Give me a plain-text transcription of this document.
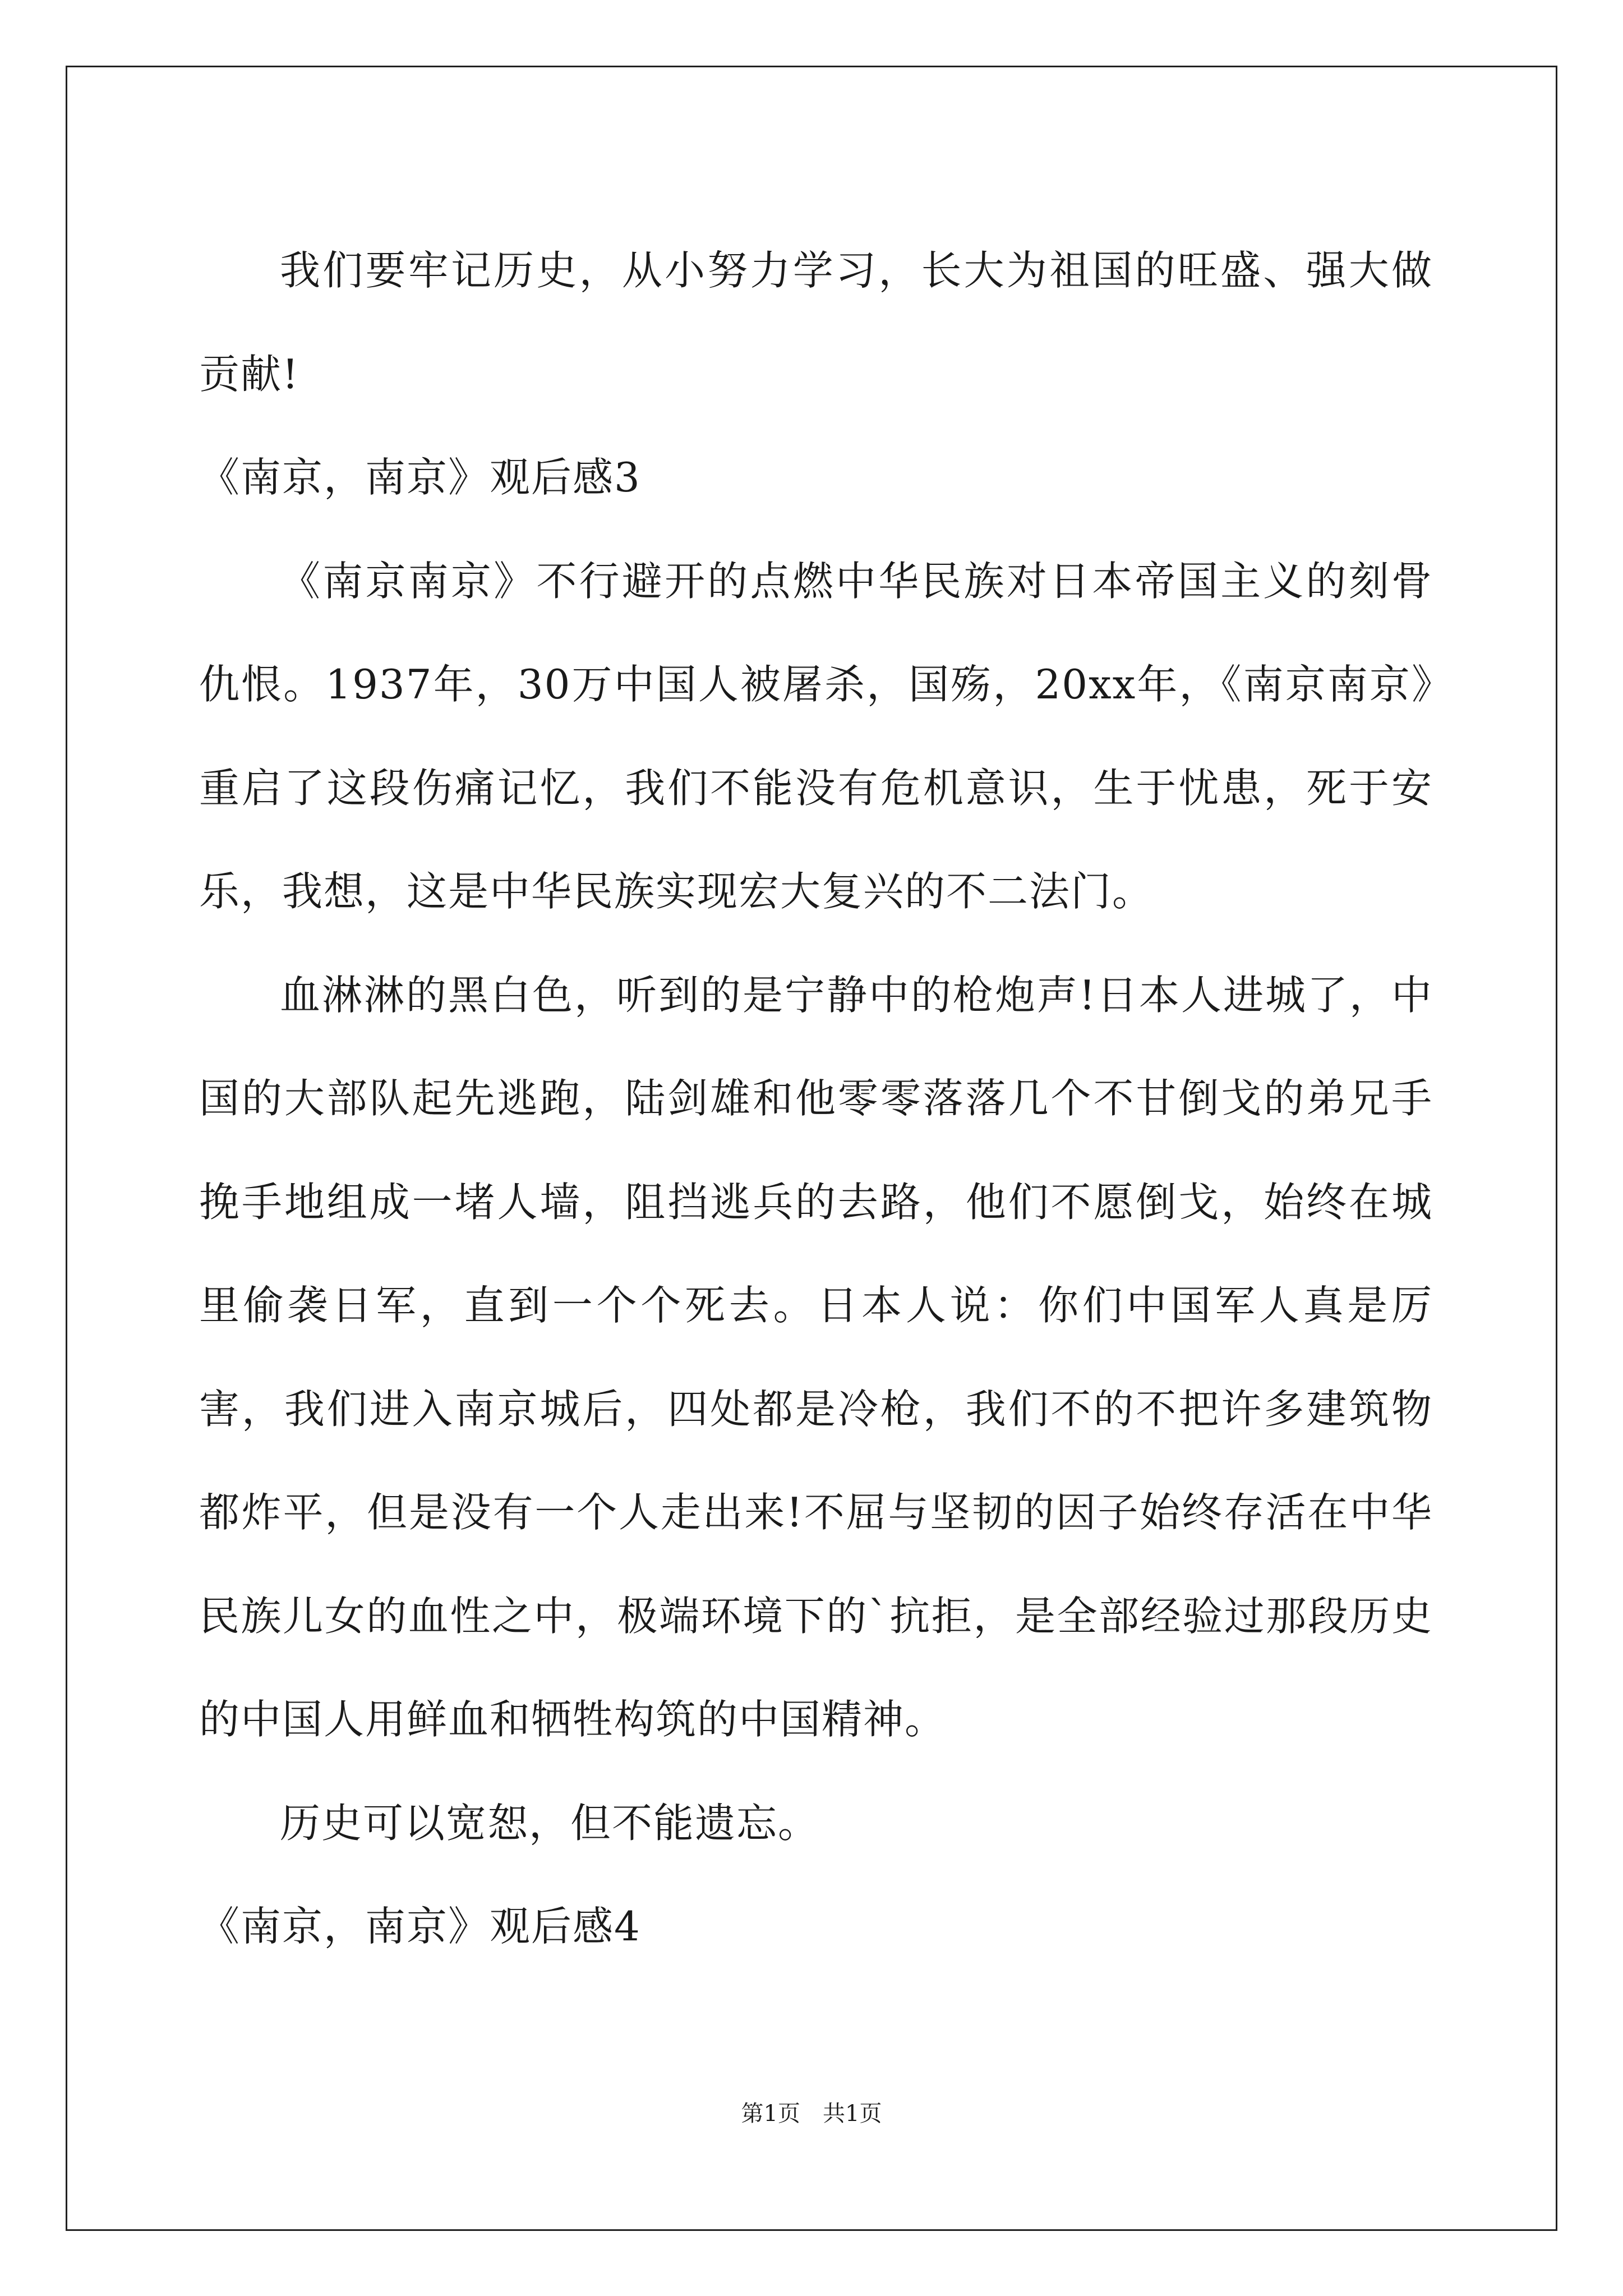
我们要牢记历史，从小努力学习，长大为祖国的旺盛、强大做贡献!

《南京，南京》观后感3

《南京南京》不行避开的点燃中华民族对日本帝国主义的刻骨仇恨。1937年，30万中国人被屠杀，国殇，20xx年，《南京南京》重启了这段伤痛记忆，我们不能没有危机意识，生于忧患，死于安乐，我想，这是中华民族实现宏大复兴的不二法门。

血淋淋的黑白色，听到的是宁静中的枪炮声!日本人进城了，中国的大部队起先逃跑，陆剑雄和他零零落落几个不甘倒戈的弟兄手挽手地组成一堵人墙，阻挡逃兵的去路，他们不愿倒戈，始终在城里偷袭日军，直到一个个死去。日本人说：你们中国军人真是厉害，我们进入南京城后，四处都是冷枪，我们不的不把许多建筑物都炸平，但是没有一个人走出来!不屈与坚韧的因子始终存活在中华民族儿女的血性之中，极端环境下的`抗拒，是全部经验过那段历史的中国人用鲜血和牺牲构筑的中国精神。

历史可以宽恕，但不能遗忘。

《南京，南京》观后感4

第1页　共1页
